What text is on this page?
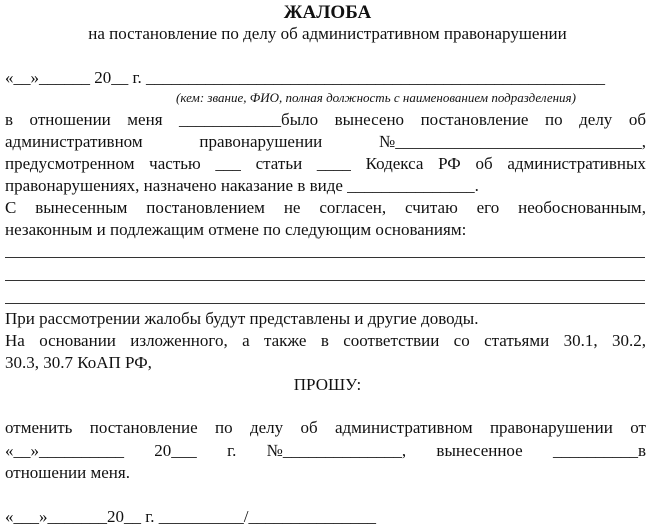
ЖАЛОБА
на постановление по делу об административном правонарушении
«__»______ 20__ г. ______________________________________________________
(кем: звание, ФИО, полная должность с наименованием подразделения)
в отношении меня ____________было вынесено постановление по делу об
административном	правонарушении	№_____________________________,
предусмотренном частью ___ статьи ____ Кодекса РФ об административных
правонарушениях, назначено наказание в виде _______________.
С вынесенным постановлением не согласен, считаю его необоснованным,
незаконным и подлежащим отмене по следующим основаниям:
При рассмотрении жалобы будут представлены и другие доводы.
На основании изложенного, а также в соответствии со статьями 30.1, 30.2,
30.3, 30.7 КоАП РФ,
ПРОШУ:
отменить постановление по делу об административном правонарушении от
«__»__________ 20___ г. №______________, вынесенное __________в
отношении меня.
«___»_______20__ г. __________/_______________
